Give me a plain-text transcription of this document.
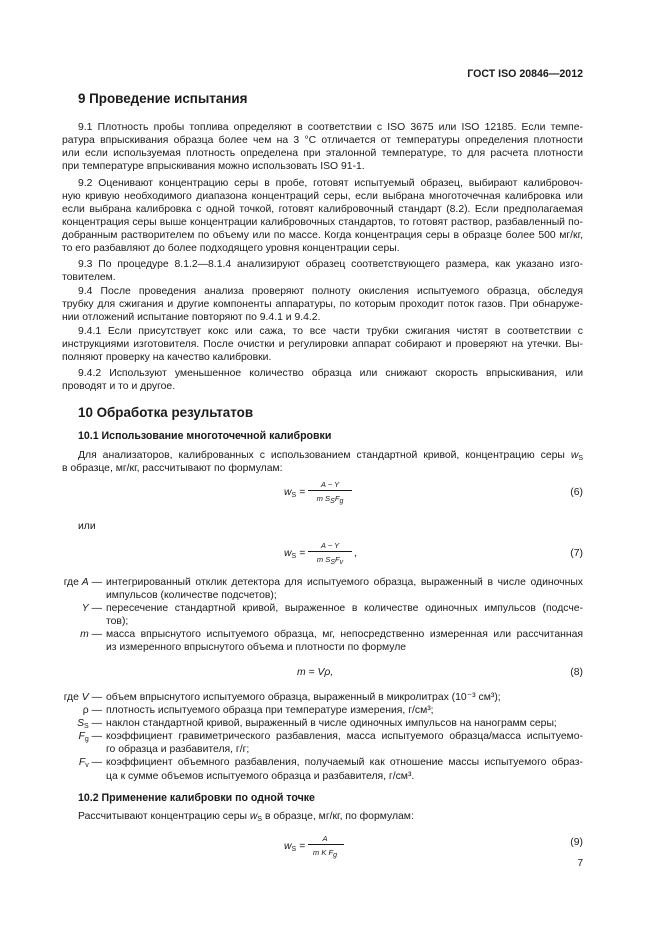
ГОСТ ISO 20846—2012
9 Проведение испытания
9.1 Плотность пробы топлива определяют в соответствии с ISO 3675 или ISO 12185. Если темпе-
ратура впрыскивания образца более чем на 3 °С отличается от температуры определения плотности
или если используемая плотность определена при эталонной температуре, то для расчета плотности
при температуре впрыскивания можно использовать ISO 91-1.
9.2 Оценивают концентрацию серы в пробе, готовят испытуемый образец, выбирают калибровоч-
ную кривую необходимого диапазона концентраций серы, если выбрана многоточечная калибровка или
если выбрана калибровка с одной точкой, готовят калибровочный стандарт (8.2). Если предполагаемая
концентрация серы выше концентрации калибровочных стандартов, то готовят раствор, разбавленный по-
добранным растворителем по объему или по массе. Когда концентрация серы в образце более 500 мг/кг,
то его разбавляют до более подходящего уровня концентрации серы.
9.3 По процедуре 8.1.2—8.1.4 анализируют образец соответствующего размера, как указано изго-
товителем.
9.4 После проведения анализа проверяют полноту окисления испытуемого образца, обследуя
трубку для сжигания и другие компоненты аппаратуры, по которым проходит поток газов. При обнаруже-
нии отложений испытание повторяют по 9.4.1 и 9.4.2.
9.4.1 Если присутствует кокс или сажа, то все части трубки сжигания чистят в соответствии с
инструкциями изготовителя. После очистки и регулировки аппарат собирают и проверяют на утечки. Вы-
полняют проверку на качество калибровки.
9.4.2 Используют уменьшенное количество образца или снижают скорость впрыскивания, или
проводят и то и другое.
10 Обработка результатов
10.1 Использование многоточечной калибровки
Для анализаторов, калиброванных с использованием стандартной кривой, концентрацию серы $w_S$
в образце, мг/кг, рассчитывают по формулам:
$w_S$ =
A − Y
m $S_SF_g$
(6)
или
$w_S$ =
A − Y
m $S_SF_v$
,	(7)
где A — интегрированный отклик детектора для испытуемого образца, выраженный в числе одиночных
импульсов (количестве подсчетов);
Y — пересечение стандартной кривой, выраженное в количестве одиночных импульсов (подсче-
тов);
m — масса впрыснутого испытуемого образца, мг, непосредственно измеренная или рассчитанная
из измеренного впрыснутого объема и плотности по формуле
m = Vρ,	(8)
где V — объем впрыснутого испытуемого образца, выраженный в микролитрах (10⁻³ см³);
ρ — плотность испытуемого образца при температуре измерения, г/см³;
$S_S$ — наклон стандартной кривой, выраженный в числе одиночных импульсов на нанограмм серы;
$F_g$ — коэффициент гравиметрического разбавления, масса испытуемого образца/масса испытуемо-
го образца и разбавителя, г/г;
$F_v$ — коэффициент объемного разбавления, получаемый как отношение массы испытуемого образ-
ца к сумме объемов испытуемого образца и разбавителя, г/см³.
10.2 Применение калибровки по одной точке
Рассчитывают концентрацию серы $w_S$ в образце, мг/кг, по формулам:
$w_S$ =
A
m K $F_g$
(9)
7
